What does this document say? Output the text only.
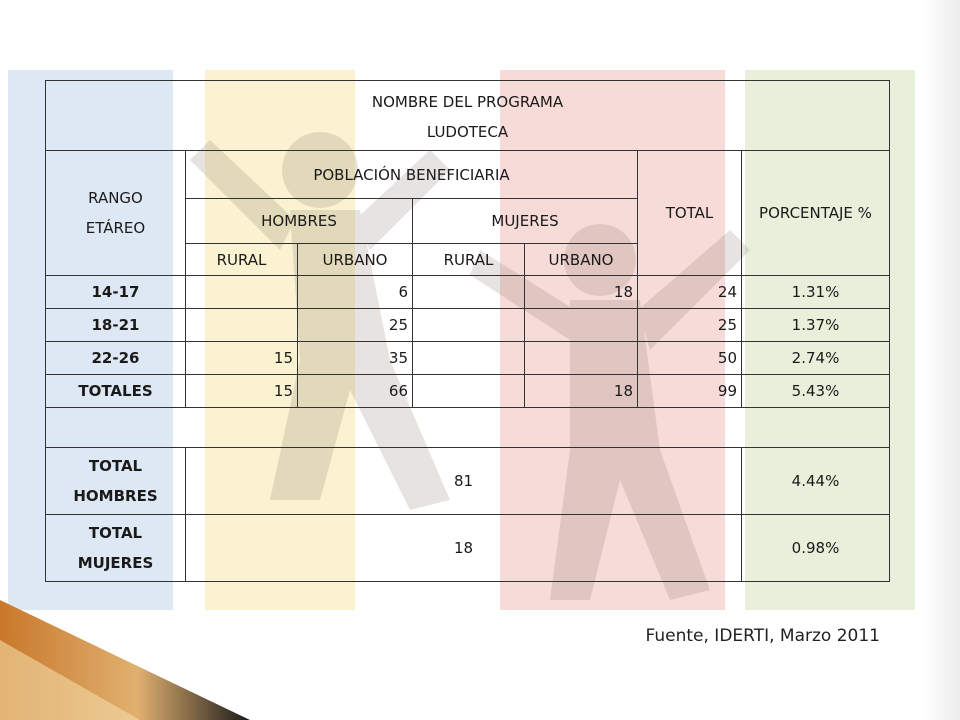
NOMBRE DEL PROGRAMA
LUDOTECA						

RANGO ETÁREO	POBLACIÓN BENEFICIARIA				TOTAL	PORCENTAJE %
	HOMBRES		MUJERES			
	RURAL	URBANO	RURAL	URBANO		
14-17		6		18	24	1.31%
18-21		25			25	1.37%
22-26	15	35			50	2.74%
TOTALES	15	66		18	99	5.43%

TOTAL HOMBRES	81					4.44%
TOTAL MUJERES	18					0.98%
Fuente, IDERTI, Marzo 2011
